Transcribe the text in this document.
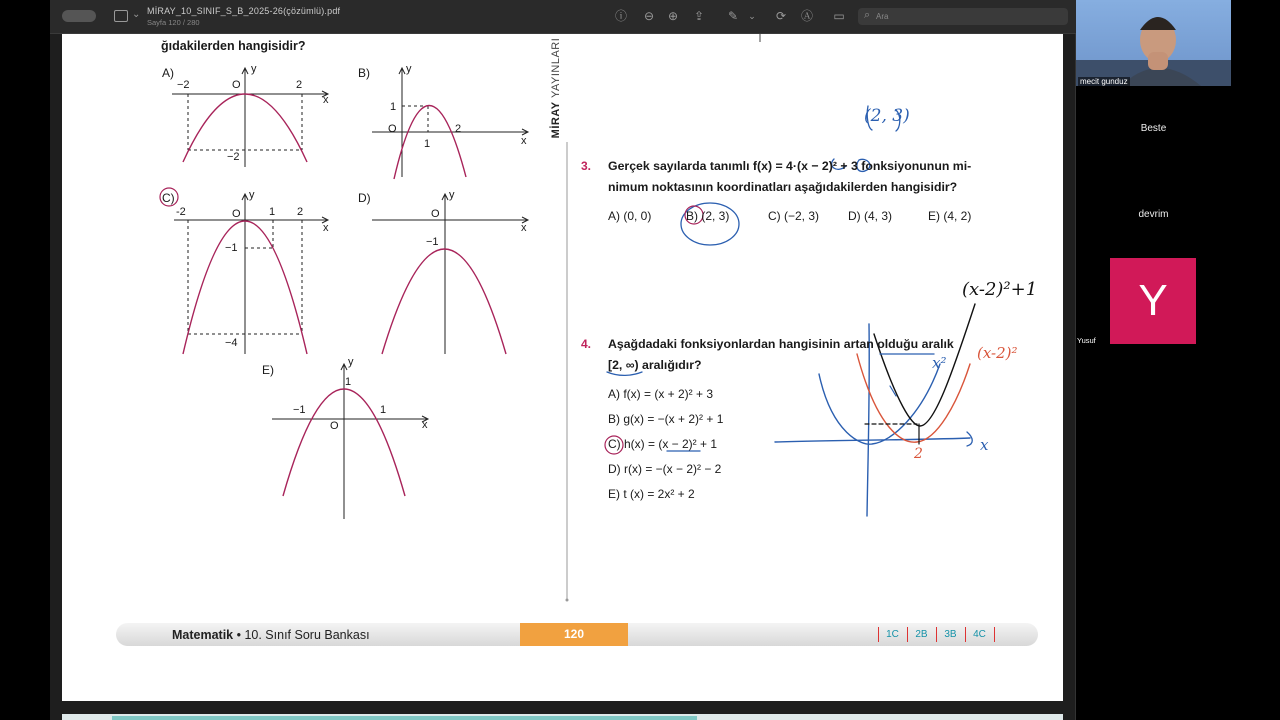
⌄ MİRAY_10_SINIF_S_B_2025-26(çözümlü).pdf
Sayfa 120 / 280	ⓘ ⊖ ⊕ ⇪ ✎	⌄ ⟳ Ⓐ ▭ ⌕
Ara
ğıdakilerden hangisidir?
A)	B)
C)	D)
E)
−2	2
O
−2
x
y
1
O	2
1	x
y
-2	O	1 2
−1
−4
x
y
O
−1
x
y
1
−1	1
O	x
y
MİRAY YAYINLARI
3. Gerçek sayılarda tanımlı f(x) = 4·(x − 2)² + 3 fonksiyonunun mi-
nimum noktasının koordinatları aşağıdakilerden hangisidir?
A) (0, 0)	B) (2, 3)	C) (−2, 3) D) (4, 3)	E) (4, 2)
4. Aşağdadaki fonksiyonlardan hangisinin artan olduğu aralık
[2, ∞) aralığıdır?
A) f(x) = (x + 2)² + 3
B) g(x) = −(x + 2)² + 1
C) h(x) = (x − 2)² + 1
D) r(x) = −(x − 2)² − 2
E) t (x) = 2x² + 2
(2, 3)
(x-2)²+1
(x-2)²
x²
2	x
Matematik • 10. Sınıf Soru Bankası	120	1C	2B	3B	4C
mecit gunduz
Beste
devrim
Yusuf
Y
